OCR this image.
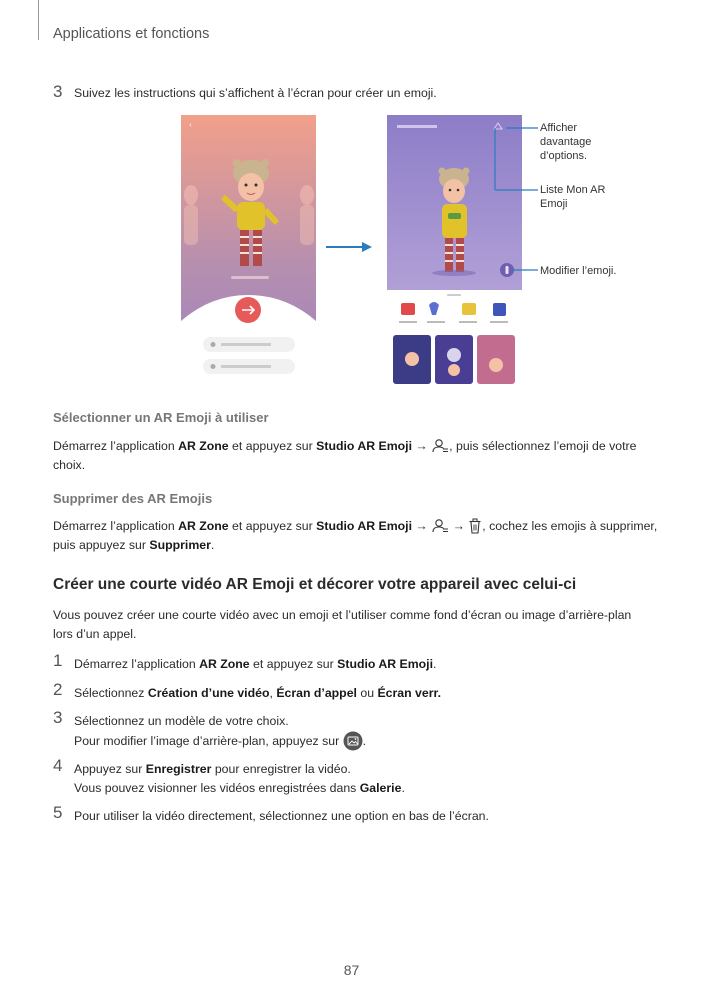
Applications et fonctions
3 Suivez les instructions qui s’affichent à l’écran pour créer un emoji.
‹	Afficher
davantage
d’options.
Liste Mon AR
Emoji
Modifier l’emoji.
Sélectionner un AR Emoji à utiliser
Démarrez l’application AR Zone et appuyez sur Studio AR Emoji → , puis sélectionnez l’emoji de votre
choix.
Supprimer des AR Emojis
Démarrez l’application AR Zone et appuyez sur Studio AR Emoji →  → , cochez les emojis à supprimer,
puis appuyez sur Supprimer.
Créer une courte vidéo AR Emoji et décorer votre appareil avec celui-ci
Vous pouvez créer une courte vidéo avec un emoji et l’utiliser comme fond d’écran ou image d’arrière-plan
lors d’un appel.
1 Démarrez l’application AR Zone et appuyez sur Studio AR Emoji.
2 Sélectionnez Création d’une vidéo, Écran d’appel ou Écran verr.
3 Sélectionnez un modèle de votre choix.
Pour modifier l’image d’arrière-plan, appuyez sur .
4 Appuyez sur Enregistrer pour enregistrer la vidéo.
Vous pouvez visionner les vidéos enregistrées dans Galerie.
5 Pour utiliser la vidéo directement, sélectionnez une option en bas de l’écran.
87
